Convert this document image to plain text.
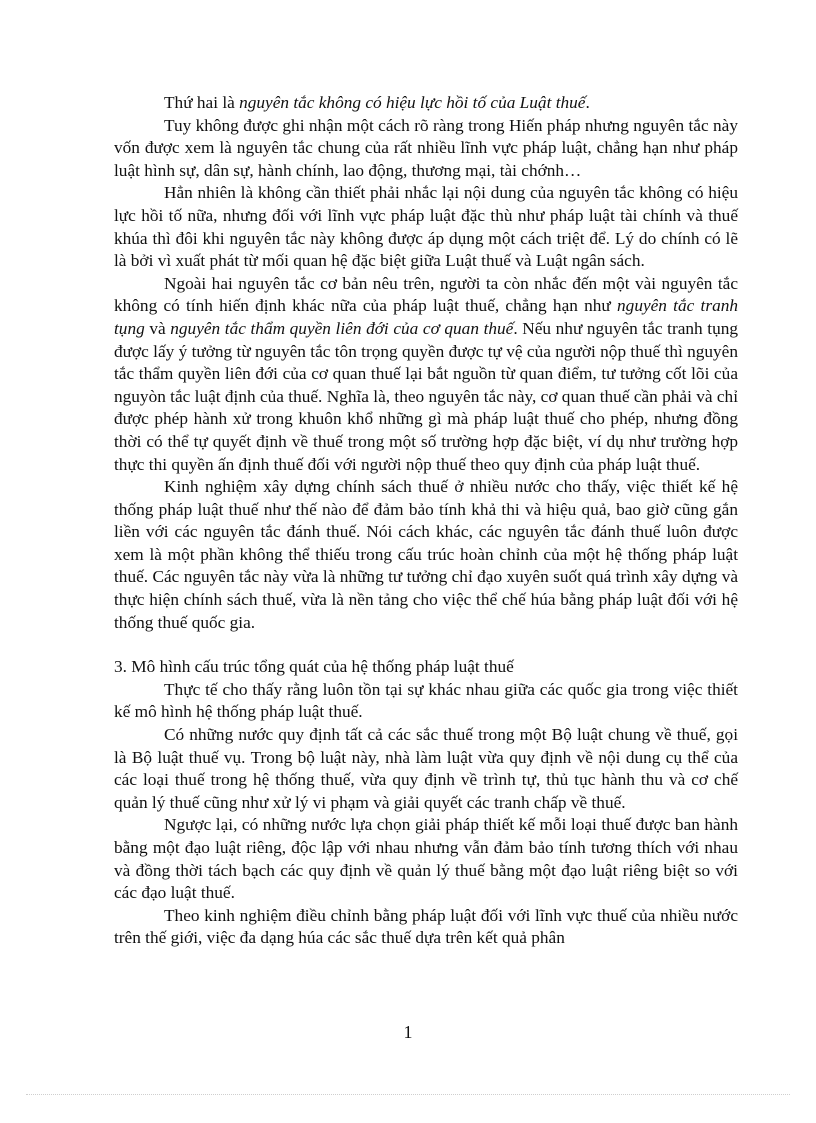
Thứ hai là nguyên tắc không có hiệu lực hồi tố của Luật thuế.

Tuy không được ghi nhận một cách rõ ràng trong Hiến pháp nhưng nguyên tắc này vốn được xem là nguyên tắc chung của rất nhiều lĩnh vực pháp luật, chẳng hạn như pháp luật hình sự, dân sự, hành chính, lao động, thương mại, tài chớnh…

Hẳn nhiên là không cần thiết phải nhắc lại nội dung của nguyên tắc không có hiệu lực hồi tố nữa, nhưng đối với lĩnh vực pháp luật đặc thù như pháp luật tài chính và thuế khúa thì đôi khi nguyên tắc này không được áp dụng một cách triệt để. Lý do chính có lẽ là bởi vì xuất phát từ mối quan hệ đặc biệt giữa Luật thuế và Luật ngân sách.

Ngoài hai nguyên tắc cơ bản nêu trên, người ta còn nhắc đến một vài nguyên tắc không có tính hiến định khác nữa của pháp luật thuế, chẳng hạn như nguyên tắc tranh tụng và nguyên tắc thẩm quyền liên đới của cơ quan thuế. Nếu như nguyên tắc tranh tụng được lấy ý tưởng từ nguyên tắc tôn trọng quyền được tự vệ của người nộp thuế thì nguyên tắc thẩm quyền liên đới của cơ quan thuế lại bắt nguồn từ quan điểm, tư tưởng cốt lõi của nguyòn tắc luật định của thuế. Nghĩa là, theo nguyên tắc này, cơ quan thuế cần phải và chỉ được phép hành xử trong khuôn khổ những gì mà pháp luật thuế cho phép, nhưng đồng thời có thể tự quyết định về thuế trong một số trường hợp đặc biệt, ví dụ như trường hợp thực thi quyền ấn định thuế đối với người nộp thuế theo quy định của pháp luật thuế.

Kinh nghiệm xây dựng chính sách thuế ở nhiều nước cho thấy, việc thiết kế hệ thống pháp luật thuế như thế nào để đảm bảo tính khả thi và hiệu quả, bao giờ cũng gắn liền với các nguyên tắc đánh thuế. Nói cách khác, các nguyên tắc đánh thuế luôn được xem là một phần không thể thiếu trong cấu trúc hoàn chỉnh của một hệ thống pháp luật thuế. Các nguyên tắc này vừa là những tư tưởng chỉ đạo xuyên suốt quá trình xây dựng và thực hiện chính sách thuế, vừa là nền tảng cho việc thể chế húa bằng pháp luật đối với hệ thống thuế quốc gia.

3. Mô hình cấu trúc tổng quát của hệ thống pháp luật thuế

Thực tế cho thấy rằng luôn tồn tại sự khác nhau giữa các quốc gia trong việc thiết kế mô hình hệ thống pháp luật thuế.

Có những nước quy định tất cả các sắc thuế trong một Bộ luật chung về thuế, gọi là Bộ luật thuế vụ. Trong bộ luật này, nhà làm luật vừa quy định về nội dung cụ thể của các loại thuế trong hệ thống thuế, vừa quy định về trình tự, thủ tục hành thu và cơ chế quản lý thuế cũng như xử lý vi phạm và giải quyết các tranh chấp về thuế.

Ngược lại, có những nước lựa chọn giải pháp thiết kế mỗi loại thuế được ban hành bằng một đạo luật riêng, độc lập với nhau nhưng vẫn đảm bảo tính tương thích với nhau và đồng thời tách bạch các quy định về quản lý thuế bằng một đạo luật riêng biệt so với các đạo luật thuế.

Theo kinh nghiệm điều chỉnh bằng pháp luật đối với lĩnh vực thuế của nhiều nước trên thế giới, việc đa dạng húa các sắc thuế dựa trên kết quả phân

1
